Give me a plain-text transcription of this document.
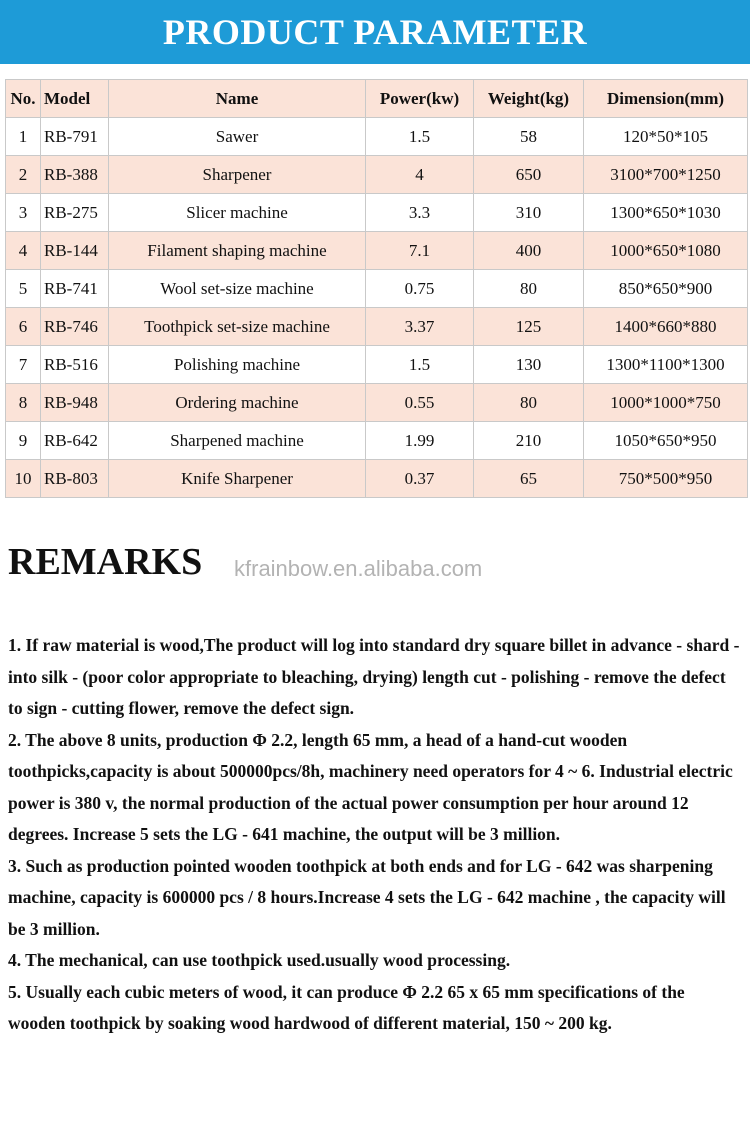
PRODUCT PARAMETER
No.	Model	Name	Power(kw)	Weight(kg)	Dimension(mm)
1	RB-791	Sawer	1.5	58	120*50*105
2	RB-388	Sharpener	4	650	3100*700*1250
3	RB-275	Slicer machine	3.3	310	1300*650*1030
4	RB-144	Filament shaping machine	7.1	400	1000*650*1080
5	RB-741	Wool set-size machine	0.75	80	850*650*900
6	RB-746	Toothpick set-size machine	3.37	125	1400*660*880
7	RB-516	Polishing machine	1.5	130	1300*1100*1300
8	RB-948	Ordering machine	0.55	80	1000*1000*750
9	RB-642	Sharpened machine	1.99	210	1050*650*950
10	RB-803	Knife Sharpener	0.37	65	750*500*950
REMARKS kfrainbow.en.alibaba.com

1. If raw material is wood,The product will log into standard dry square billet in advance - shard - into silk - (poor color appropriate to bleaching, drying) length cut - polishing - remove the defect to sign - cutting flower, remove the defect sign.

2. The above 8 units, production Φ 2.2, length 65 mm, a head of a hand-cut wooden toothpicks,capacity is about 500000pcs/8h, machinery need operators for 4 ~ 6. Industrial electric power is 380 v, the normal production of the actual power consumption per hour around 12 degrees. Increase 5 sets the LG - 641 machine, the output will be 3 million.

3. Such as production pointed wooden toothpick at both ends and for LG - 642 was sharpening machine, capacity is 600000 pcs / 8 hours.Increase 4 sets the LG - 642 machine , the capacity will be 3 million.

4. The mechanical, can use toothpick used.usually wood processing.

5. Usually each cubic meters of wood, it can produce Φ 2.2 65 x 65 mm specifications of the wooden toothpick by soaking wood hardwood of different material, 150 ~ 200 kg.
